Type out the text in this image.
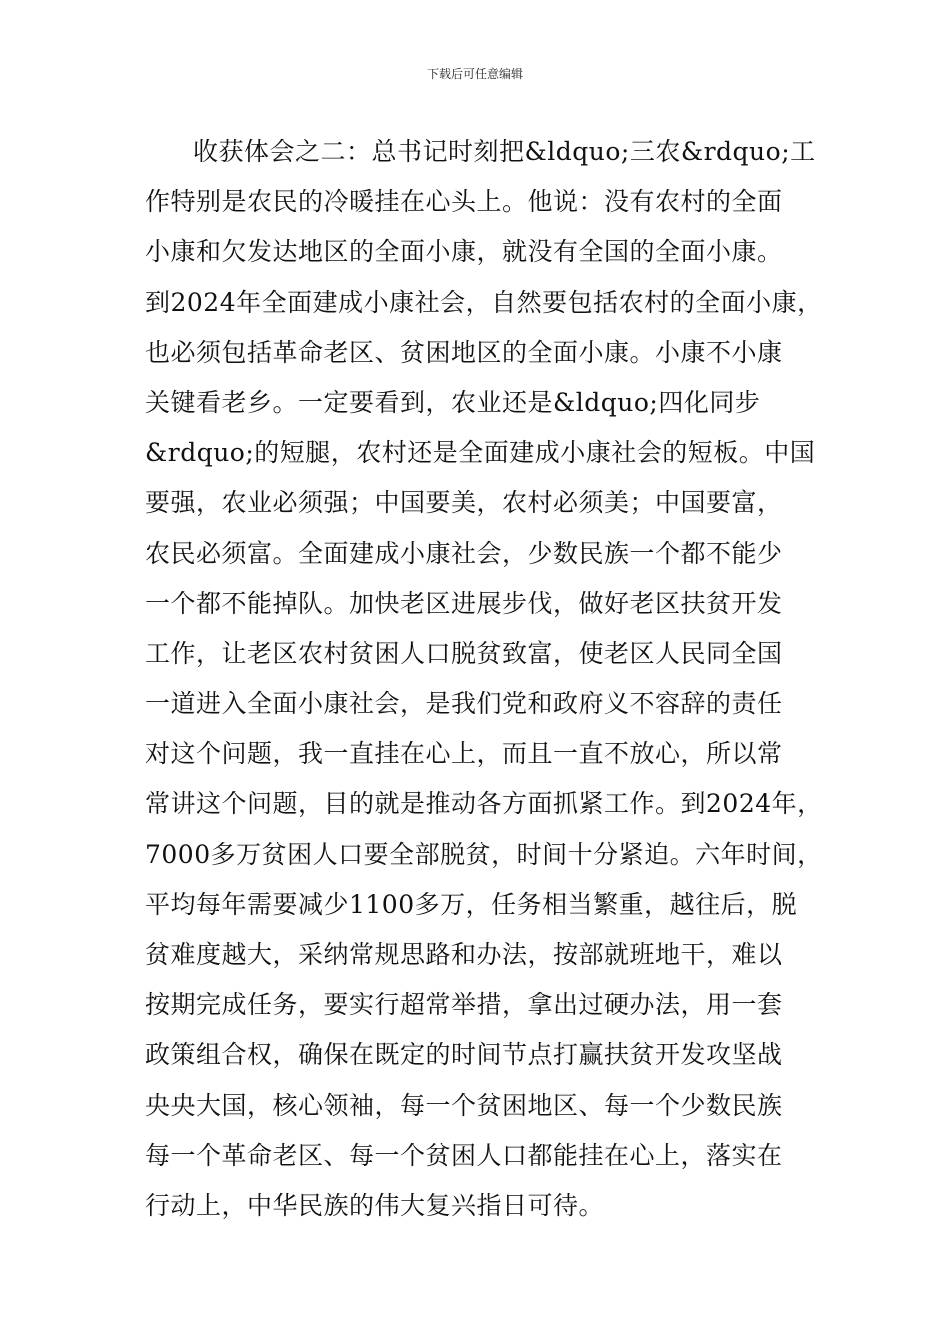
下载后可任意编辑
收获体会之二：总书记时刻把&ldquo;三农&rdquo;工
作特别是农民的冷暖挂在心头上。他说：没有农村的全面
小康和欠发达地区的全面小康，就没有全国的全面小康。
到2024年全面建成小康社会，自然要包括农村的全面小康，
也必须包括革命老区、贫困地区的全面小康。小康不小康
关键看老乡。一定要看到，农业还是&ldquo;四化同步
&rdquo;的短腿，农村还是全面建成小康社会的短板。中国
要强，农业必须强；中国要美，农村必须美；中国要富，
农民必须富。全面建成小康社会，少数民族一个都不能少
一个都不能掉队。加快老区进展步伐，做好老区扶贫开发
工作，让老区农村贫困人口脱贫致富，使老区人民同全国
一道进入全面小康社会，是我们党和政府义不容辞的责任
对这个问题，我一直挂在心上，而且一直不放心，所以常
常讲这个问题，目的就是推动各方面抓紧工作。到2024年，
7000多万贫困人口要全部脱贫，时间十分紧迫。六年时间，
平均每年需要减少1100多万，任务相当繁重，越往后，脱
贫难度越大，采纳常规思路和办法，按部就班地干，难以
按期完成任务，要实行超常举措，拿出过硬办法，用一套
政策组合权，确保在既定的时间节点打赢扶贫开发攻坚战
央央大国，核心领袖，每一个贫困地区、每一个少数民族
每一个革命老区、每一个贫困人口都能挂在心上，落实在
行动上，中华民族的伟大复兴指日可待。
